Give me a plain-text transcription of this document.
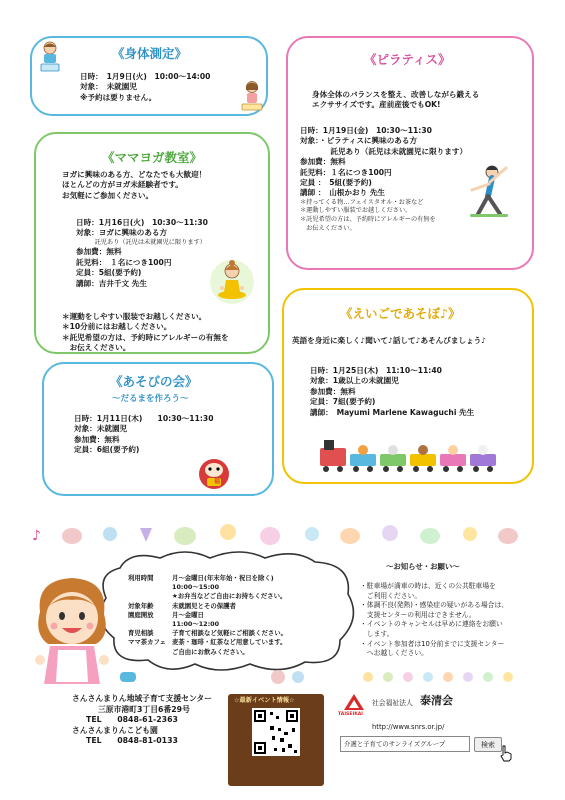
《身体測定》
日時：　1月9日(火)　10:00～14:00
対象：　未就園児
※予約は要りません。
《ピラティス》
身体全体のバランスを整え、改善しながら鍛える
エクササイズです。産前産後でもOK!
日時：1月19日(金)　10:30～11:30
対象：・ピラティスに興味のある方
　　　　託児あり（託児は未就園児に限ります）
参加費：無料
託児料：１名につき100円
定員 ：　5組(要予約)
講師 ：　山根かおり 先生
＊持ってくる物…フェイスタオル・お茶など
＊運動しやすい服装でお越しください。
＊託児希望の方は、予約時にアレルギーの有無を
　お伝えください。
《ママヨガ教室》
ヨガに興味のある方、どなたでも大歓迎！
ほとんどの方がヨガ未経験者です。
お気軽にご参加ください。
日時：1月16日(火)　10:30～11:30
対象：ヨガに興味のある方
　　　託児あり（託児は未就園児に限ります）
参加費：無料
託児料：　１名につき100円
定員：5組(要予約)
講師：吉井千文 先生
＊運動をしやすい服装でお越しください。
＊10分前にはお越しください。
＊託児希望の方は、予約時にアレルギーの有無を
　お伝えください。
《えいごであそぼ♪》
英語を身近に楽しく♪聞いて♪話して♪あそんびましょう♪
日時：1月25日(木)　11:10～11:40
対象：1歳以上の未就園児
参加費：無料
定員：7組(要予約)
講師：　Mayumi Marlene Kawaguchi 先生
《あそびの会》
～だるまを作ろう～
日時：1月11日(木)　　10:30～11:30
対象：未就園児
参加費：無料
定員：6組(要予約)
福
♪
利用時間	月～金曜日(年末年始・祝日を除く)
10:00～15:00
★お弁当などご自由にお持ちください。
対象年齢	未就園児とその保護者
園庭開放	月～金曜日
11:00～12:00
育児相談	子育て相談など気軽にご相談ください。
ママ茶カフェ 麦茶・珈琲・紅茶など用意しています。
ご自由にお飲みください。
～お知らせ・お願い～
・駐車場が満車の時は、近くの公共駐車場を
　ご利用ください。
・体調不良(発熱)・感染症の疑いがある場合は、
　支援センターの利用はできません。
・イベントのキャンセルは早めに連絡をお願い
　します。
・イベント参加者は10分前までに支援センター
　へお越しください。
さんさんまりん地域子育て支援センター
三原市港町3丁目6番29号
TEL　　0848-61-2363
さんさんまりんこども園
TEL　　0848-81-0133
☆最新イベント情報☆
TAISEIKAI
社会福祉法人 泰清会
http://www.snrs.or.jp/
介護と子育てのサンライズグループ	検索
